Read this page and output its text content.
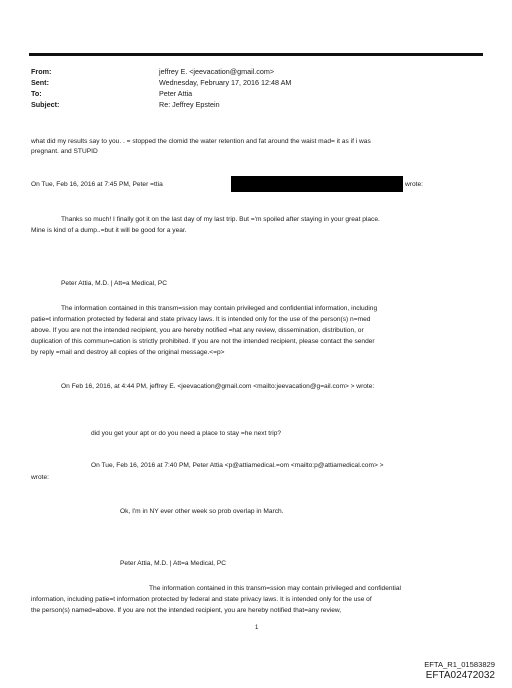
From:	jeffrey E. <jeevacation@gmail.com>
Sent:	Wednesday, February 17, 2016 12:48 AM
To:	Peter Attia
Subject:	Re: Jeffrey Epstein
what did my results say to you. . = stopped the clomid the water retention and fat around the waist mad= it as if i was
pregnant. and STUPID
On Tue, Feb 16, 2016 at 7:45 PM, Peter =ttia	wrote:
Thanks so much! I finally got it on the last day of my last trip. But ='m spoiled after staying in your great place.
Mine is kind of a dump..=but it will be good for a year.
Peter Attia, M.D. | Att=a Medical, PC
The information contained in this transm=ssion may contain privileged and confidential information, including
patie=t information protected by federal and state privacy laws. It is intended only for the use of the person(s) n=med
above. If you are not the intended recipient, you are hereby notified =hat any review, dissemination, distribution, or
duplication of this commun=cation is strictly prohibited. If you are not the intended recipient, please contact the sender
by reply =mail and destroy all copies of the original message.<=p>
On Feb 16, 2016, at 4:44 PM, jeffrey E. <jeevacation@gmail.com <mailto:jeevacation@g=ail.com> > wrote:
did you get your apt or do you need a place to stay =he next trip?
On Tue, Feb 16, 2016 at 7:40 PM, Peter Attia <p@attiamedical.=om <mailto:p@attiamedical.com> >
wrote:
Ok, I'm in NY ever other week so prob overlap in March.
Peter Attia, M.D. | Att=a Medical, PC
The information contained in this transm=ssion may contain privileged and confidential
information, including patie=t information protected by federal and state privacy laws. It is intended only for the use of
the person(s) named=above. If you are not the intended recipient, you are hereby notified that=any review,
1
EFTA_R1_01583829
EFTA02472032
